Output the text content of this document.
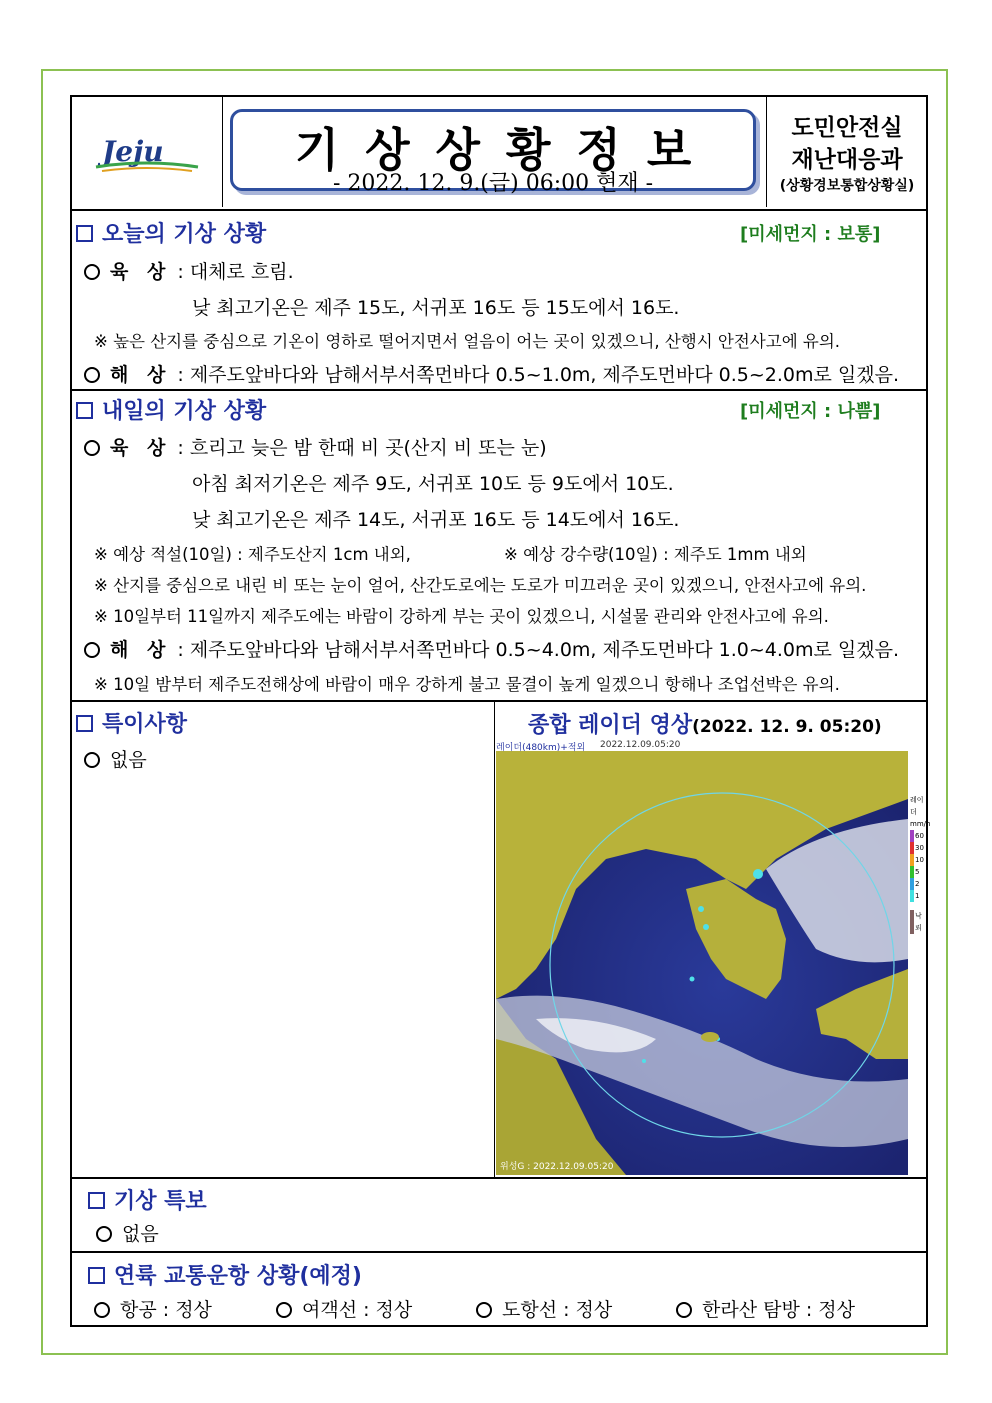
Jeju	기상상황정보
- 2022. 12. 9.(금) 06:00 현재 -
도민안전실
재난대응과
(상황경보통합상황실)
오늘의 기상 상황	[미세먼지 : 보통]
육 상 : 대체로 흐림.
낮 최고기온은 제주 15도, 서귀포 16도 등 15도에서 16도.
※ 높은 산지를 중심으로 기온이 영하로 떨어지면서 얼음이 어는 곳이 있겠으니, 산행시 안전사고에 유의.
해 상 : 제주도앞바다와 남해서부서쪽먼바다 0.5~1.0m, 제주도먼바다 0.5~2.0m로 일겠음.
내일의 기상 상황	[미세먼지 : 나쁨]
육 상 : 흐리고 늦은 밤 한때 비 곳(산지 비 또는 눈)
아침 최저기온은 제주 9도, 서귀포 10도 등 9도에서 10도.
낮 최고기온은 제주 14도, 서귀포 16도 등 14도에서 16도.
※ 예상 적설(10일) : 제주도산지 1cm 내외,	※ 예상 강수량(10일) : 제주도 1mm 내외
※ 산지를 중심으로 내린 비 또는 눈이 얼어, 산간도로에는 도로가 미끄러운 곳이 있겠으니, 안전사고에 유의.
※ 10일부터 11일까지 제주도에는 바람이 강하게 부는 곳이 있겠으니, 시설물 관리와 안전사고에 유의.
해 상 : 제주도앞바다와 남해서부서쪽먼바다 0.5~4.0m, 제주도먼바다 1.0~4.0m로 일겠음.
※ 10일 밤부터 제주도전해상에 바람이 매우 강하게 불고 물결이 높게 일겠으니 항해나 조업선박은 유의.
특이사항
없음
종합 레이더 영상(2022. 12. 9. 05:20)
위성G : 2022.12.09.05:20
레이더(480km)+적외 2022.12.09.05:20
레이더
mm/h
60
30
10
5
2
1
낙뢰
기상 특보
없음
연륙 교통운항 상황(예정)
항공 : 정상	여객선 : 정상	도항선 : 정상	한라산 탐방 : 정상
